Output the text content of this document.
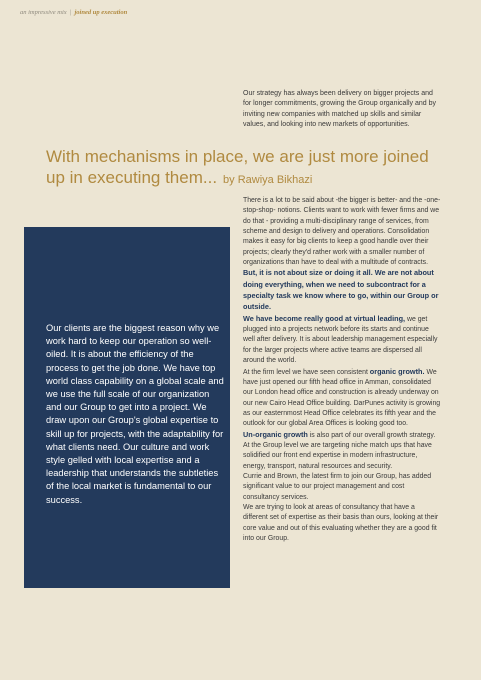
an impressive mix | joined up execution
Our strategy has always been delivery on bigger projects and for longer commitments, growing the Group organically and by inviting new companies with matched up skills and similar values, and looking into new markets of opportunities.
With mechanisms in place, we are just more joined up in executing them... by Rawiya Bikhazi
Our clients are the biggest reason why we work hard to keep our operation so well-oiled. It is about the efficiency of the process to get the job done. We have top world class capability on a global scale and we use the full scale of our organization and our Group to get into a project. We draw upon our Group's global expertise to skill up for projects, with the adaptability for what clients need. Our culture and work style gelled with local expertise and a leadership that understands the subtleties of the local market is fundamental to our success.

There is a lot to be said about -the bigger is better- and the -one-stop-shop- notions. Clients want to work with fewer firms and we do that - providing a multi-disciplinary range of services, from scheme and design to delivery and operations. Consolidation makes it easy for big clients to keep a good handle over their projects; clearly they'd rather work with a smaller number of organizations than have to deal with a multitude of contracts. But, it is not about size or doing it all. We are not about doing everything, when we need to subcontract for a specialty task we know where to go, within our Group or outside.

We have become really good at virtual leading, we get plugged into a projects network before its starts and continue well after delivery. It is about leadership management especially for the larger projects where active teams are dispersed all around the world.

At the firm level we have seen consistent organic growth. We have just opened our fifth head office in Amman, consolidated our London head office and construction is already underway on our new Cairo Head Office building. DarPunes activity is growing as our easternmost Head Office celebrates its fifth year and the outlook for our global Area Offices is looking good too.

Un-organic growth is also part of our overall growth strategy. At the Group level we are targeting niche match ups that have solidified our front end expertise in modern infrastructure, energy, transport, natural resources and security.

Currie and Brown, the latest firm to join our Group, has added significant value to our project management and cost consultancy services.

We are trying to look at areas of consultancy that have a different set of expertise as their basis than ours, looking at their core value and out of this evaluating whether they are a good fit into our Group.
